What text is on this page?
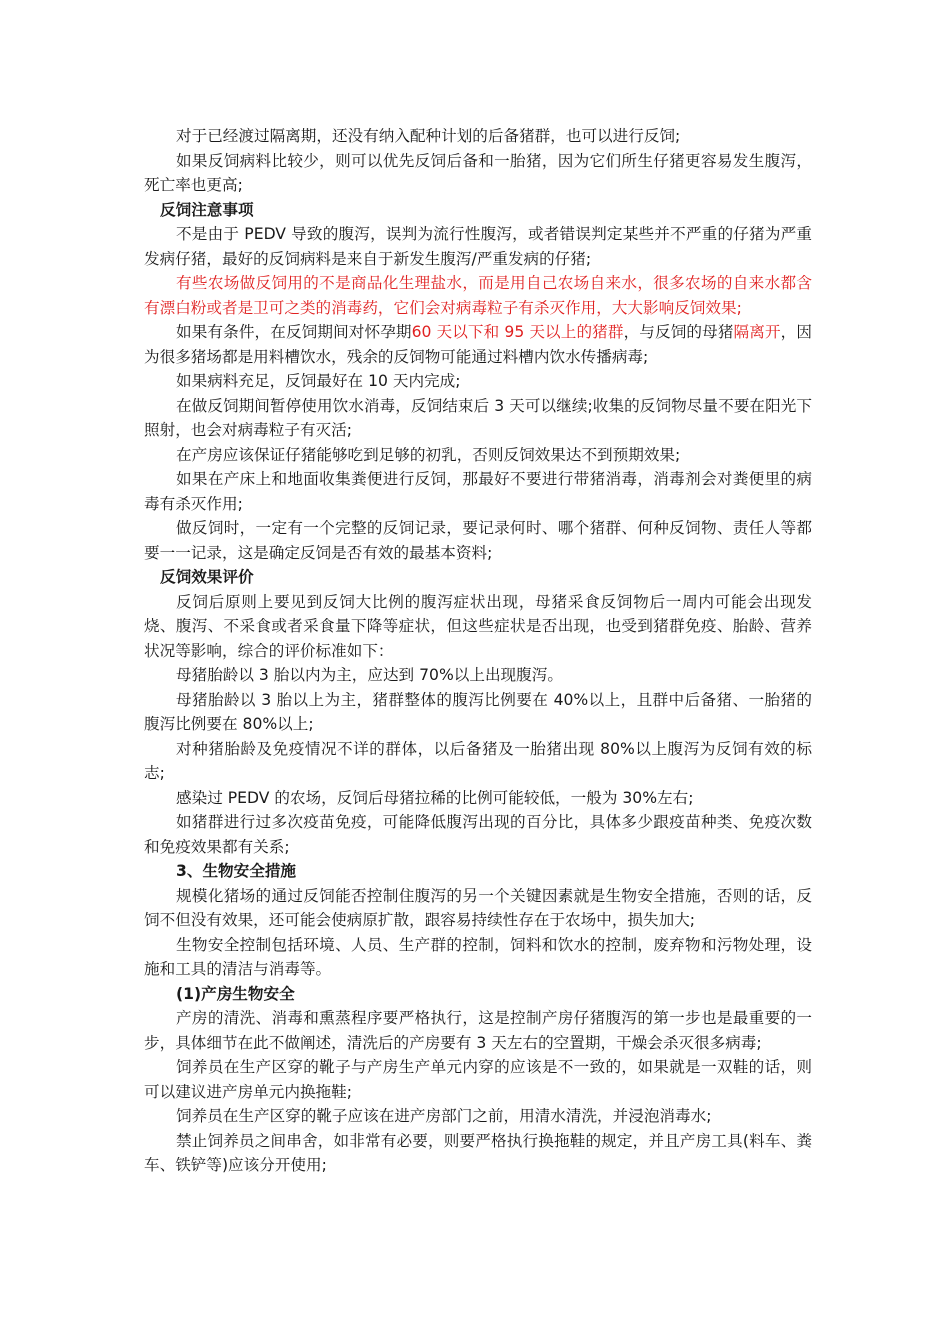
对于已经渡过隔离期，还没有纳入配种计划的后备猪群，也可以进行反饲;

如果反饲病料比较少，则可以优先反饲后备和一胎猪，因为它们所生仔猪更容易发生腹泻，死亡率也更高;

反饲注意事项

不是由于 PEDV 导致的腹泻，误判为流行性腹泻，或者错误判定某些并不严重的仔猪为严重发病仔猪，最好的反饲病料是来自于新发生腹泻/严重发病的仔猪;

有些农场做反饲用的不是商品化生理盐水，而是用自己农场自来水，很多农场的自来水都含有漂白粉或者是卫可之类的消毒药，它们会对病毒粒子有杀灭作用，大大影响反饲效果;

如果有条件，在反饲期间对怀孕期60 天以下和 95 天以上的猪群，与反饲的母猪隔离开，因为很多猪场都是用料槽饮水，残余的反饲物可能通过料槽内饮水传播病毒;

如果病料充足，反饲最好在 10 天内完成;

在做反饲期间暂停使用饮水消毒，反饲结束后 3 天可以继续;收集的反饲物尽量不要在阳光下照射，也会对病毒粒子有灭活;

在产房应该保证仔猪能够吃到足够的初乳，否则反饲效果达不到预期效果;

如果在产床上和地面收集粪便进行反饲，那最好不要进行带猪消毒，消毒剂会对粪便里的病毒有杀灭作用;

做反饲时，一定有一个完整的反饲记录，要记录何时、哪个猪群、何种反饲物、责任人等都要一一记录，这是确定反饲是否有效的最基本资料;

反饲效果评价

反饲后原则上要见到反饲大比例的腹泻症状出现，母猪采食反饲物后一周内可能会出现发烧、腹泻、不采食或者采食量下降等症状，但这些症状是否出现，也受到猪群免疫、胎龄、营养状况等影响，综合的评价标准如下：

母猪胎龄以 3 胎以内为主，应达到 70%以上出现腹泻。

母猪胎龄以 3 胎以上为主，猪群整体的腹泻比例要在 40%以上，且群中后备猪、一胎猪的腹泻比例要在 80%以上;

对种猪胎龄及免疫情况不详的群体，以后备猪及一胎猪出现 80%以上腹泻为反饲有效的标志;

感染过 PEDV 的农场，反饲后母猪拉稀的比例可能较低，一般为 30%左右;

如猪群进行过多次疫苗免疫，可能降低腹泻出现的百分比，具体多少跟疫苗种类、免疫次数和免疫效果都有关系;

3、生物安全措施

规模化猪场的通过反饲能否控制住腹泻的另一个关键因素就是生物安全措施，否则的话，反饲不但没有效果，还可能会使病原扩散，跟容易持续性存在于农场中，损失加大;

生物安全控制包括环境、人员、生产群的控制，饲料和饮水的控制，废弃物和污物处理，设施和工具的清洁与消毒等。

(1)产房生物安全

产房的清洗、消毒和熏蒸程序要严格执行，这是控制产房仔猪腹泻的第一步也是最重要的一步，具体细节在此不做阐述，清洗后的产房要有 3 天左右的空置期，干燥会杀灭很多病毒;

饲养员在生产区穿的靴子与产房生产单元内穿的应该是不一致的，如果就是一双鞋的话，则可以建议进产房单元内换拖鞋;

饲养员在生产区穿的靴子应该在进产房部门之前，用清水清洗，并浸泡消毒水;

禁止饲养员之间串舍，如非常有必要，则要严格执行换拖鞋的规定，并且产房工具(料车、粪车、铁铲等)应该分开使用;
